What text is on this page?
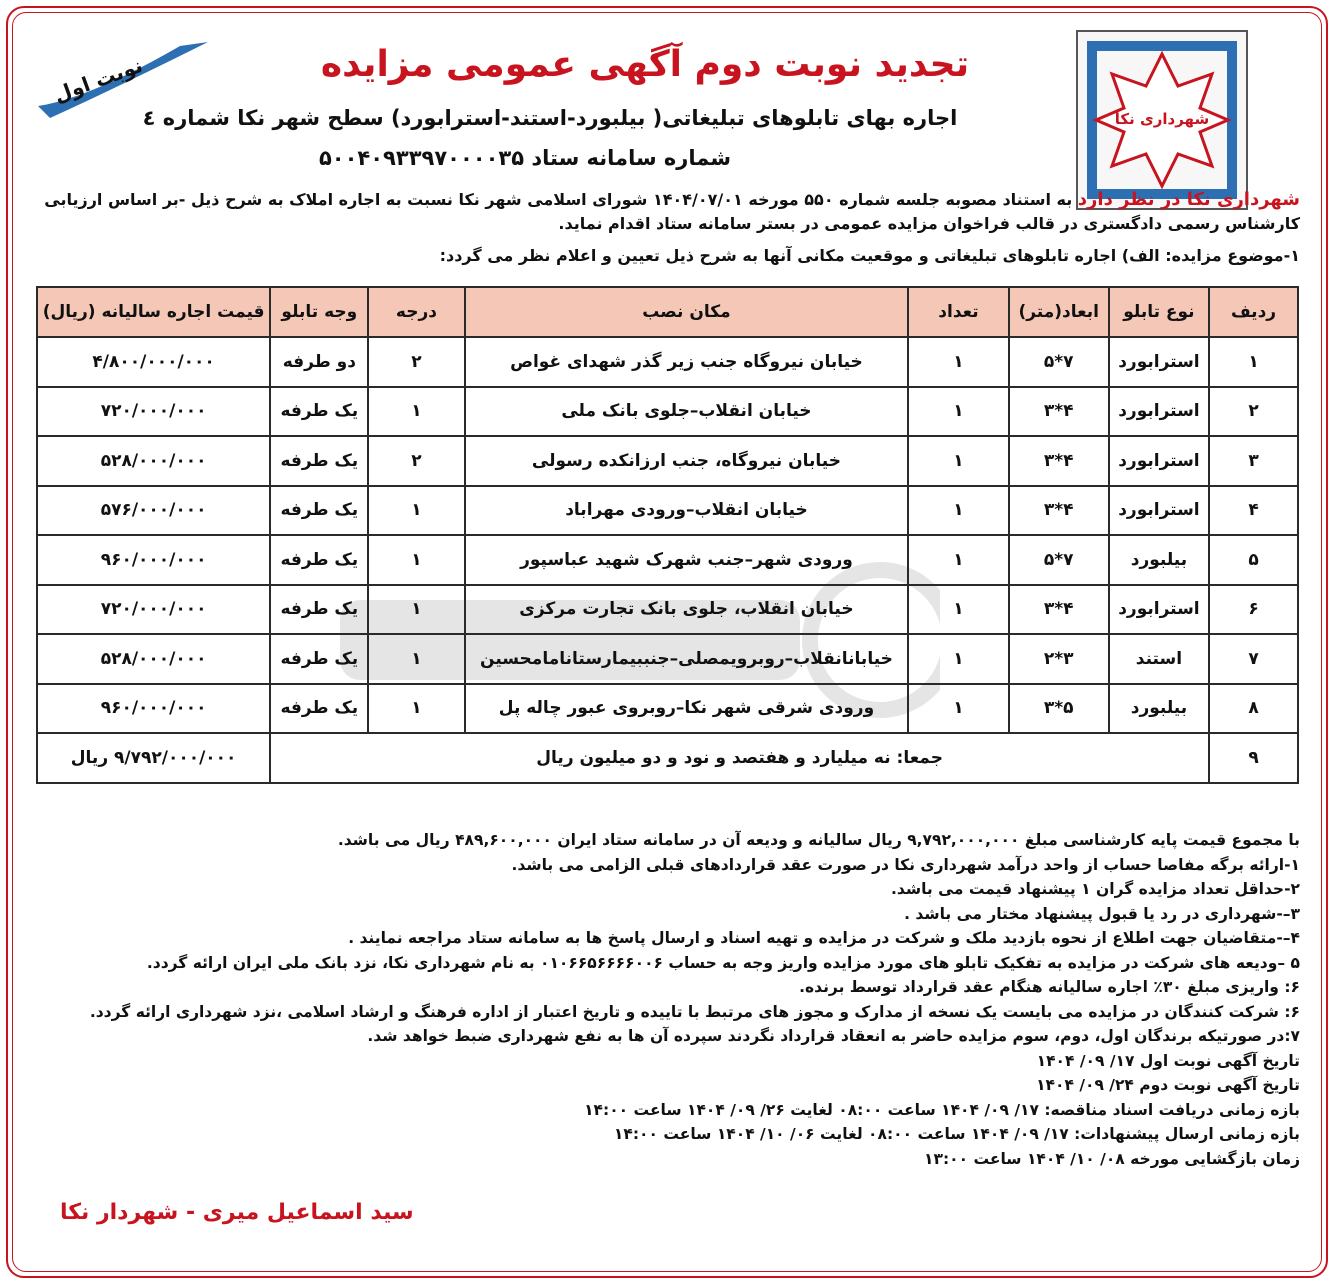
شهرداری نکا
نوبت اول	تجدید نوبت دوم آگهی عمومی مزایده
اجاره بهای تابلوهای تبلیغاتی( بیلبورد-استند-استرابورد) سطح شهر نکا شماره ٤
شماره سامانه ستاد ۵۰۰۴۰۹۳۳۹۷۰۰۰۰۳۵
شهرداری نکا در نظر دارد به استناد مصوبه جلسه شماره ۵۵۰ مورخه ۱۴۰۴/۰۷/۰۱ شورای اسلامی شهر نکا نسبت به اجاره املاک به شرح ذیل -بر اساس ارزیابی کارشناس رسمی دادگستری در قالب فراخوان مزایده عمومی در بستر سامانه ستاد اقدام نماید.
۱-موضوع مزایده: الف) اجاره تابلوهای تبلیغاتی و موقعیت مکانی آنها به شرح ذیل تعیین و اعلام نظر می گردد:
ردیف	نوع تابلو	ابعاد(متر)	تعداد	مکان نصب	درجه	وجه تابلو	قیمت اجاره سالیانه (ریال)
۱	استرابورد	۷*۵	۱	خیابان نیروگاه جنب زیر گذر شهدای غواص	۲	دو طرفه	۴/۸۰۰/۰۰۰/۰۰۰
۲	استرابورد	۴*۳	۱	خیابان انقلاب–جلوی بانک ملی	۱	یک طرفه	۷۲۰/۰۰۰/۰۰۰
۳	استرابورد	۴*۳	۱	خیابان نیروگاه، جنب ارزانکده رسولی	۲	یک طرفه	۵۲۸/۰۰۰/۰۰۰
۴	استرابورد	۴*۳	۱	خیابان انقلاب–ورودی مهراباد	۱	یک طرفه	۵۷۶/۰۰۰/۰۰۰
۵	بیلبورد	۷*۵	۱	ورودی شهر–جنب شهرک شهید عباسپور	۱	یک طرفه	۹۶۰/۰۰۰/۰۰۰
۶	استرابورد	۴*۳	۱	خیابان انقلاب، جلوی بانک تجارت مرکزی	۱	یک طرفه	۷۲۰/۰۰۰/۰۰۰
۷	استند	۳*۲	۱	خیابانانقلاب–روبرویمصلی–جنببیمارستانامامحسین	۱	یک طرفه	۵۲۸/۰۰۰/۰۰۰
۸	بیلبورد	۵*۳	۱	ورودی شرقی شهر نکا–روبروی عبور چاله پل	۱	یک طرفه	۹۶۰/۰۰۰/۰۰۰
۹	جمعا: نه میلیارد و هفتصد و نود و دو میلیون ریال						۹/۷۹۲/۰۰۰/۰۰۰ ریال
با مجموع قیمت پایه کارشناسی مبلغ ۹,۷۹۲,۰۰۰,۰۰۰ ریال سالیانه و ودیعه آن در سامانه ستاد ایران ۴۸۹,۶۰۰,۰۰۰ ریال می باشد.
۱-ارائه برگه مفاصا حساب از واحد درآمد شهرداری نکا در صورت عقد قراردادهای قبلی الزامی می باشد.
۲-حداقل تعداد مزایده گران ۱ پیشنهاد قیمت می باشد.
۳–-شهرداری در رد یا قبول پیشنهاد مختار می باشد .
۴–-متقاضیان جهت اطلاع از نحوه بازدید ملک و شرکت در مزایده و تهیه اسناد و ارسال پاسخ ها به سامانه ستاد مراجعه نمایند .
۵ –ودیعه های شرکت در مزایده به تفکیک تابلو های مورد مزایده واریز وجه به حساب ۰۱۰۶۶۵۶۶۶۶۰۰۶ به نام شهرداری نکا، نزد بانک ملی ایران ارائه گردد.
۶: واریزی مبلغ ۳۰٪ اجاره سالیانه هنگام عقد قرارداد توسط برنده.
۶: شرکت کنندگان در مزایده می بایست یک نسخه از مدارک و مجوز های مرتبط با تاییده و تاریخ اعتبار از اداره فرهنگ و ارشاد اسلامی ،نزد شهرداری ارائه گردد.
۷:در صورتیکه برندگان اول، دوم، سوم مزایده حاضر به انعقاد قرارداد نگردند سپرده آن ها به نفع شهرداری ضبط خواهد شد.
تاریخ آگهی نوبت اول ۱۷/ ۰۹/ ۱۴۰۴
تاریخ آگهی نوبت دوم ۲۴/ ۰۹/ ۱۴۰۴
بازه زمانی دریافت اسناد مناقصه: ۱۷/ ۰۹/ ۱۴۰۴ ساعت ۰۸:۰۰ لغایت ۲۶/ ۰۹/ ۱۴۰۴ ساعت ۱۴:۰۰
بازه زمانی ارسال پیشنهادات: ۱۷/ ۰۹/ ۱۴۰۴ ساعت ۰۸:۰۰ لغایت ۰۶/ ۱۰/ ۱۴۰۴ ساعت ۱۴:۰۰
زمان بازگشایی مورخه ۰۸/ ۱۰/ ۱۴۰۴ ساعت ۱۳:۰۰
سید اسماعیل میری - شهردار نکا
